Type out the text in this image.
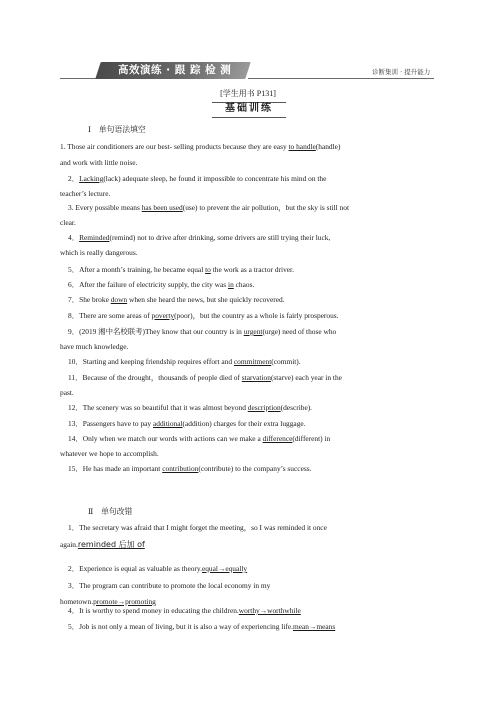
高效演练 · 跟 踪 检 测	诊断集训 · 提升能力
[学生用书 P131]
基础训练
Ⅰ　单句语法填空
1. Those air conditioners are our best- selling products because they are easy to handle(handle)
and work with little noise.
2．Lacking(lack) adequate sleep, he found it impossible to concentrate his mind on the
teacher’s lecture.
3. Every possible means has been used(use) to prevent the air pollution，but the sky is still not
clear.
4．Reminded(remind) not to drive after drinking, some drivers are still trying their luck,
which is really dangerous.
5．After a month’s training, he became equal to the work as a tractor driver.
6．After the failure of electricity supply, the city was in chaos.
7．She broke down when she heard the news, but she quickly recovered.
8．There are some areas of poverty(poor)，but the country as a whole is fairly prosperous.
9．(2019 湘中名校联考)They know that our country is in urgent(urge) need of those who
have much knowledge.
10．Starting and keeping friendship requires effort and commitment(commit).
11．Because of the drought，thousands of people died of starvation(starve) each year in the
past.
12．The scenery was so beautiful that it was almost beyond description(describe).
13．Passengers have to pay additional(addition) charges for their extra luggage.
14．Only when we match our words with actions can we make a difference(different) in
whatever we hope to accomplish.
15．He has made an important contribution(contribute) to the company’s success.
Ⅱ　单句改错
1．The secretary was afraid that I might forget the meeting，so I was reminded it once
again.reminded 后加 of
2．Experience is equal as valuable as theory.equal→equally
3．The program can contribute to promote the local economy in my
hometown.promote→promoting
4．It is worthy to spend money in educating the children.worthy→worthwhile
5．Job is not only a mean of living, but it is also a way of experiencing life.mean→means
